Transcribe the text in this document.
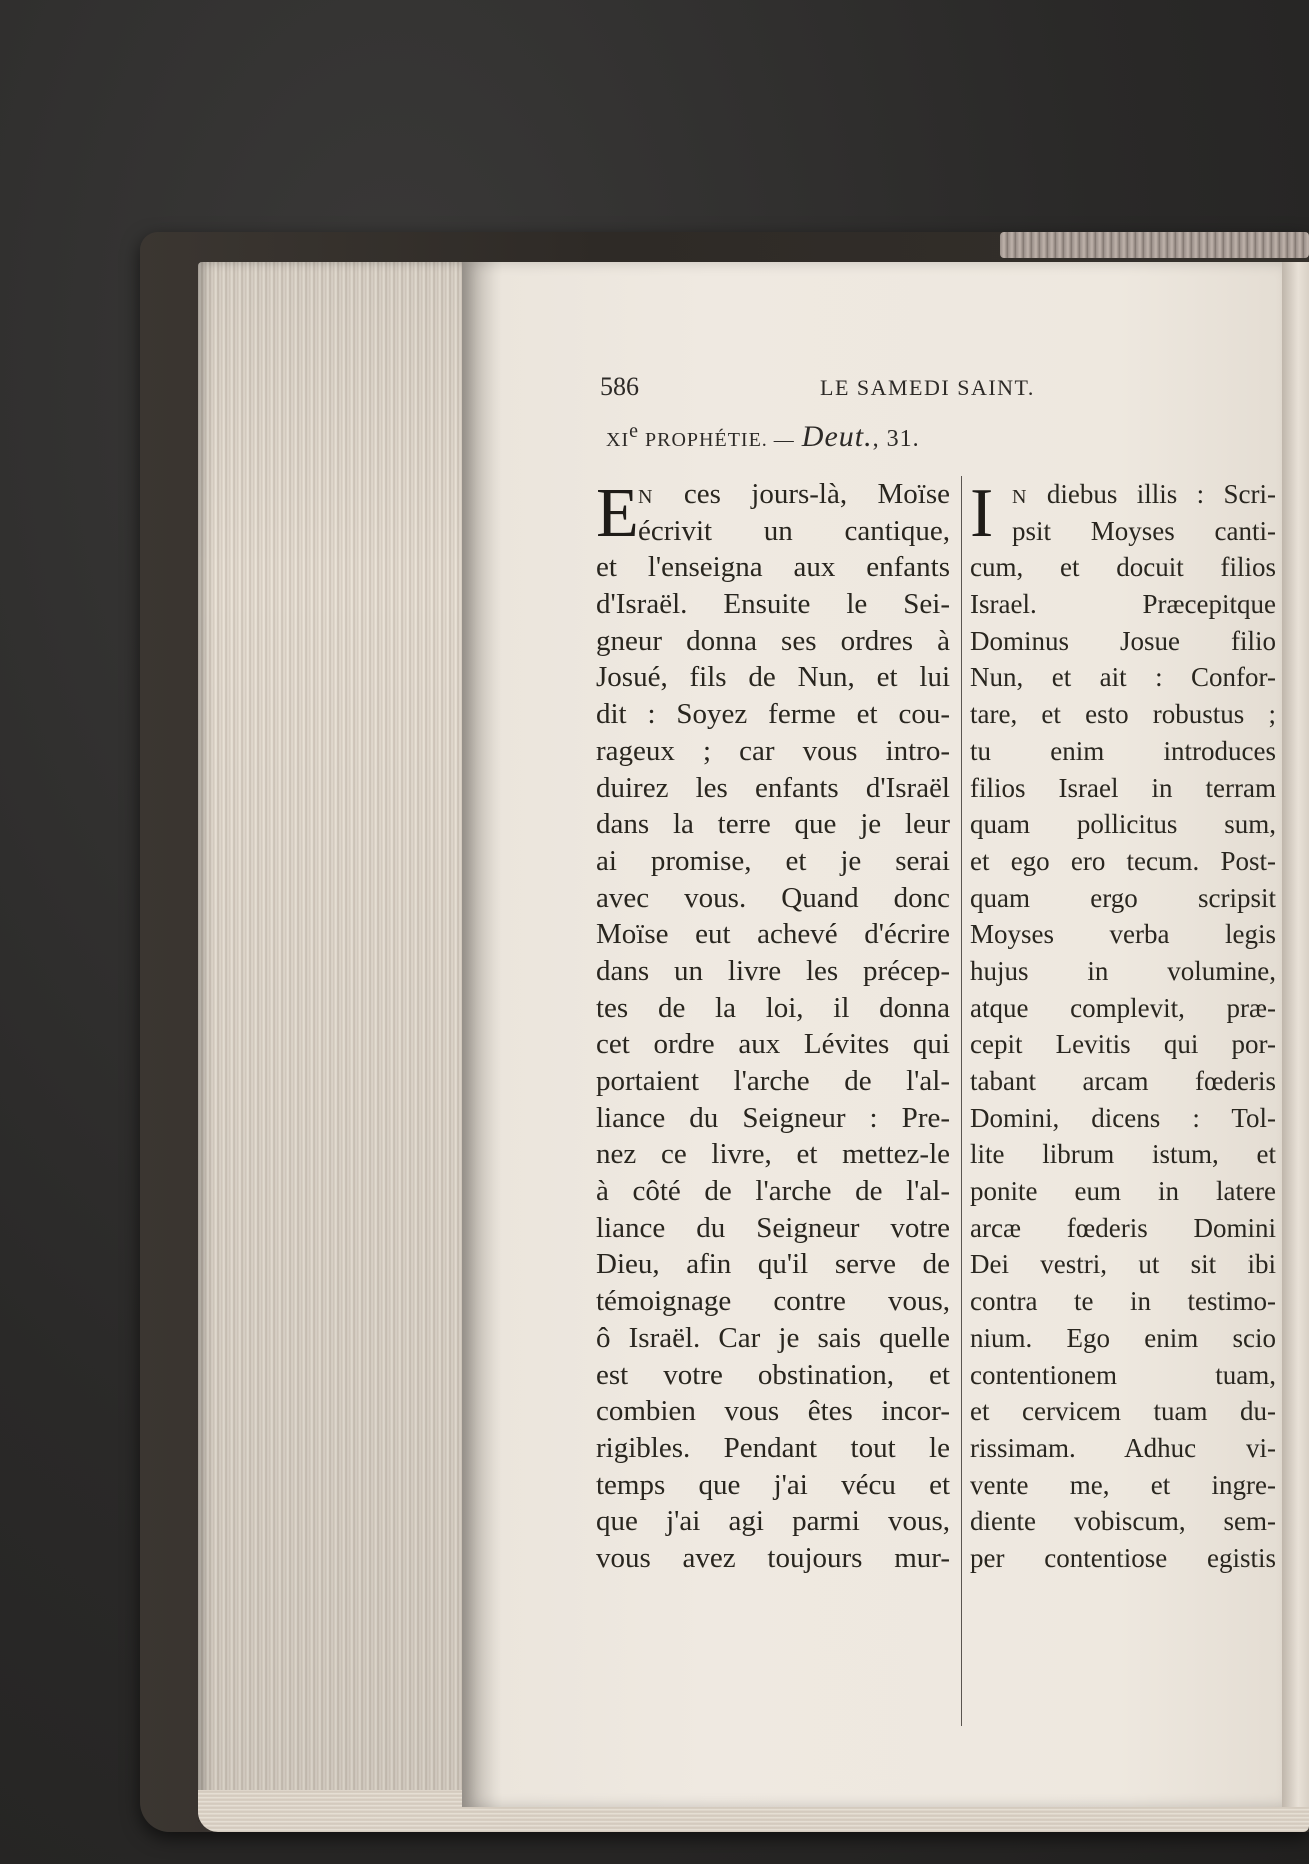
586	LE SAMEDI SAINT.
XIe PROPHÉTIE. — Deut., 31.
E N ces jours-là, Moïse
écrivit un cantique,
et l'enseigna aux enfants
d'Israël. Ensuite le Sei-
gneur donna ses ordres à
Josué, fils de Nun, et lui
dit : Soyez ferme et cou-
rageux ; car vous intro-
duirez les enfants d'Israël
dans la terre que je leur
ai promise, et je serai
avec vous. Quand donc
Moïse eut achevé d'écrire
dans un livre les précep-
tes de la loi, il donna
cet ordre aux Lévites qui
portaient l'arche de l'al-
liance du Seigneur : Pre-
nez ce livre, et mettez-le
à côté de l'arche de l'al-
liance du Seigneur votre
Dieu, afin qu'il serve de
témoignage contre vous,
ô Israël. Car je sais quelle
est votre obstination, et
combien vous êtes incor-
rigibles. Pendant tout le
temps que j'ai vécu et
que j'ai agi parmi vous,
vous avez toujours mur-
I N diebus illis : Scri-
psit Moyses canti-
cum, et docuit filios
Israel. Præcepitque
Dominus Josue filio
Nun, et ait : Confor-
tare, et esto robustus ;
tu enim introduces
filios Israel in terram
quam pollicitus sum,
et ego ero tecum. Post-
quam ergo scripsit
Moyses verba legis
hujus in volumine,
atque complevit, præ-
cepit Levitis qui por-
tabant arcam fœderis
Domini, dicens : Tol-
lite librum istum, et
ponite eum in latere
arcæ fœderis Domini
Dei vestri, ut sit ibi
contra te in testimo-
nium. Ego enim scio
contentionem tuam,
et cervicem tuam du-
rissimam. Adhuc vi-
vente me, et ingre-
diente vobiscum, sem-
per contentiose egistis
